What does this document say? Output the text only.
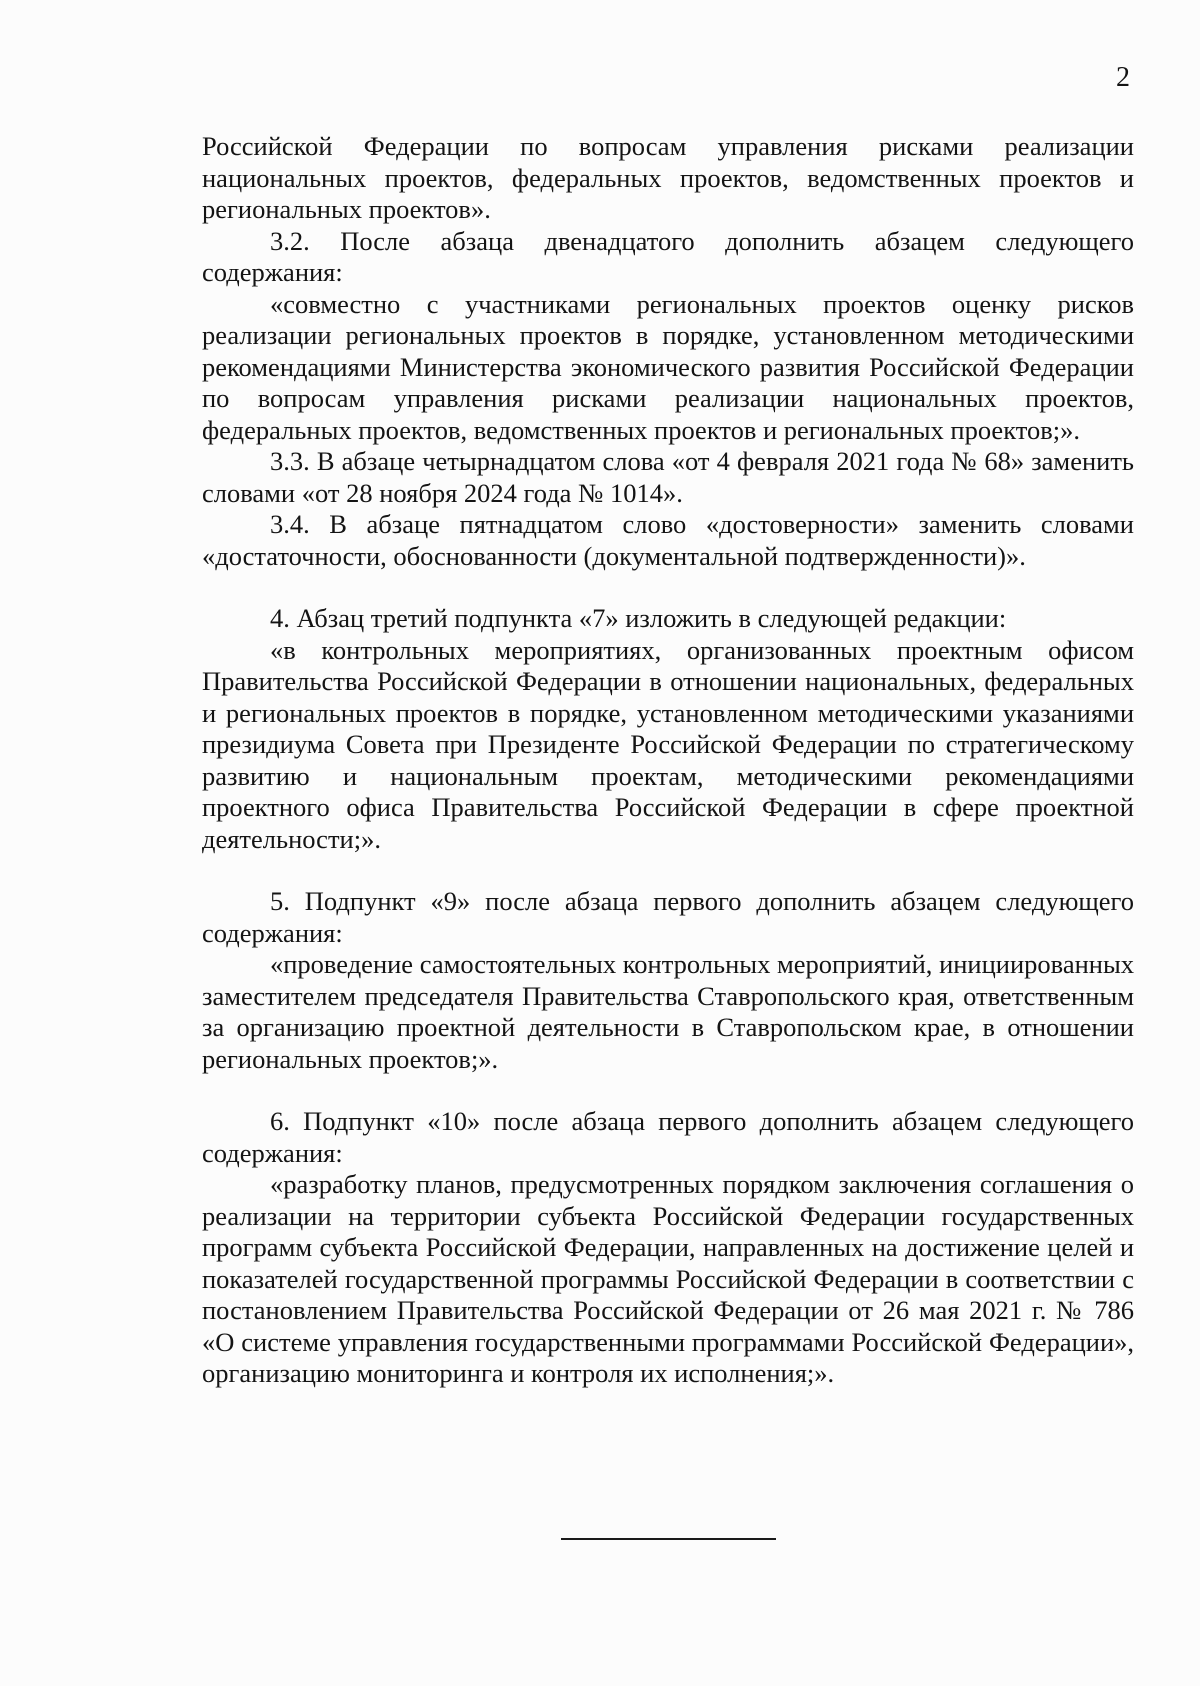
2

Российской Федерации по вопросам управления рисками реализации национальных проектов, федеральных проектов, ведомственных проектов и региональных проектов».

3.2. После абзаца двенадцатого дополнить абзацем следующего содержания:

«совместно с участниками региональных проектов оценку рисков реализации региональных проектов в порядке, установленном методическими рекомендациями Министерства экономического развития Российской Федерации по вопросам управления рисками реализации национальных проектов, федеральных проектов, ведомственных проектов и региональных проектов;».

3.3. В абзаце четырнадцатом слова «от 4 февраля 2021 года № 68» заменить словами «от 28 ноября 2024 года № 1014».

3.4. В абзаце пятнадцатом слово «достоверности» заменить словами «достаточности, обоснованности (документальной подтвержденности)».

4. Абзац третий подпункта «7» изложить в следующей редакции:

«в контрольных мероприятиях, организованных проектным офисом Правительства Российской Федерации в отношении национальных, федеральных и региональных проектов в порядке, установленном методическими указаниями президиума Совета при Президенте Российской Федерации по стратегическому развитию и национальным проектам, методическими рекомендациями проектного офиса Правительства Российской Федерации в сфере проектной деятельности;».

5. Подпункт «9» после абзаца первого дополнить абзацем следующего содержания:

«проведение самостоятельных контрольных мероприятий, инициированных заместителем председателя Правительства Ставропольского края, ответственным за организацию проектной деятельности в Ставропольском крае, в отношении региональных проектов;».

6. Подпункт «10» после абзаца первого дополнить абзацем следующего содержания:

«разработку планов, предусмотренных порядком заключения соглашения о реализации на территории субъекта Российской Федерации государственных программ субъекта Российской Федерации, направленных на достижение целей и показателей государственной программы Российской Федерации в соответствии с постановлением Правительства Российской Федерации от 26 мая 2021 г. № 786 «О системе управления государственными программами Российской Федерации», организацию мониторинга и контроля их исполнения;».
